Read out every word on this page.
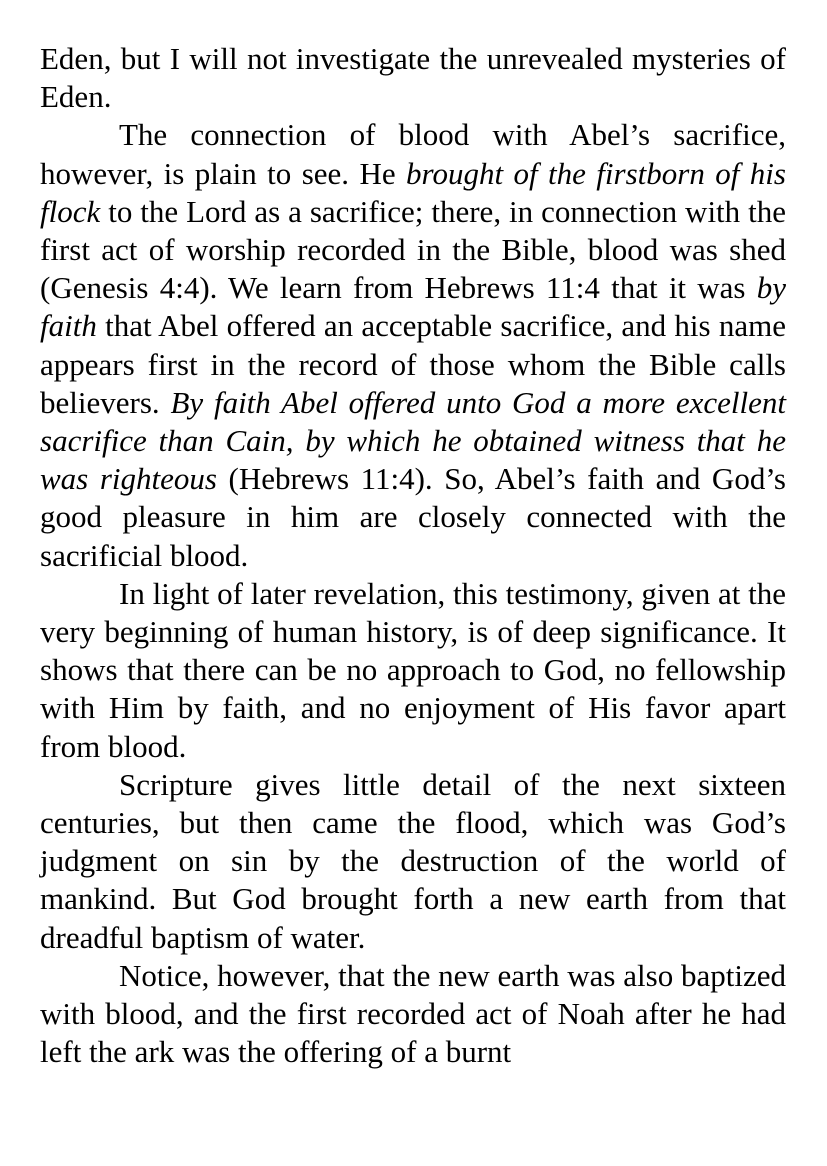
Eden, but I will not investigate the unrevealed mysteries of Eden.

The connection of blood with Abel’s sacrifice, however, is plain to see. He brought of the firstborn of his flock to the Lord as a sacrifice; there, in connection with the first act of worship recorded in the Bible, blood was shed (Genesis 4:4). We learn from Hebrews 11:4 that it was by faith that Abel offered an acceptable sacrifice, and his name appears first in the record of those whom the Bible calls believers. By faith Abel offered unto God a more excellent sacrifice than Cain, by which he obtained witness that he was righteous (Hebrews 11:4). So, Abel’s faith and God’s good pleasure in him are closely connected with the sacrificial blood.

In light of later revelation, this testimony, given at the very beginning of human history, is of deep significance. It shows that there can be no approach to God, no fellowship with Him by faith, and no enjoyment of His favor apart from blood.

Scripture gives little detail of the next sixteen centuries, but then came the flood, which was God’s judgment on sin by the destruction of the world of mankind. But God brought forth a new earth from that dreadful baptism of water.

Notice, however, that the new earth was also baptized with blood, and the first recorded act of Noah after he had left the ark was the offering of a burnt
